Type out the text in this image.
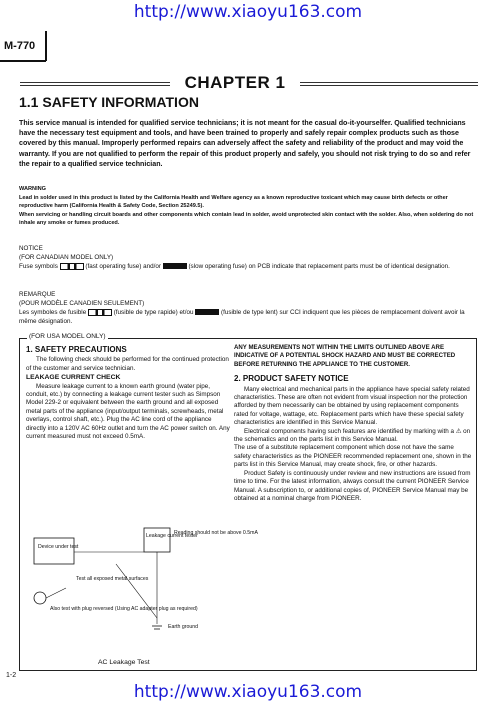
http://www.xiaoyu163.com
M-770
CHAPTER 1
1.1 SAFETY INFORMATION
This service manual is intended for qualified service technicians; it is not meant for the casual do-it-yourselfer. Qualified technicians have the necessary test equipment and tools, and have been trained to properly and safely repair complex products such as those covered by this manual. Improperly performed repairs can adversely affect the safety and reliability of the product and may void the warranty. If you are not qualified to perform the repair of this product properly and safely, you should not risk trying to do so and refer the repair to a qualified service technician.
WARNING
Lead in solder used in this product is listed by the California Health and Welfare agency as a known reproductive toxicant which may cause birth defects or other reproductive harm (California Health & Safety Code, Section 25249.5).
When servicing or handling circuit boards and other components which contain lead in solder, avoid unprotected skin contact with the solder. Also, when soldering do not inhale any smoke or fumes produced.
NOTICE
(FOR CANADIAN MODEL ONLY)
Fuse symbols	(fast operating fuse) and/or	(slow operating fuse) on PCB indicate that replacement parts must be of identical designation.
REMARQUE
(POUR MODÈLE CANADIEN SEULEMENT)
Les symboles de fusible	(fusible de type rapide) et/ou	(fusible de type lent) sur CCI indiquent que les pièces de remplacement doivent avoir la même désignation.
(FOR USA MODEL ONLY)
1. SAFETY PRECAUTIONS

The following check should be performed for the continued protection of the customer and service technician.

LEAKAGE CURRENT CHECK

Measure leakage current to a known earth ground (water pipe, conduit, etc.) by connecting a leakage current tester such as Simpson Model 229-2 or equivalent between the earth ground and all exposed metal parts of the appliance (input/output terminals, screwheads, metal overlays, control shaft, etc.). Plug the AC line cord of the appliance directly into a 120V AC 60Hz outlet and turn the AC power switch on. Any current measured must not exceed 0.5mA.

ANY MEASUREMENTS NOT WITHIN THE LIMITS OUTLINED ABOVE ARE INDICATIVE OF A POTENTIAL SHOCK HAZARD AND MUST BE CORRECTED BEFORE RETURNING THE APPLIANCE TO THE CUSTOMER.

2. PRODUCT SAFETY NOTICE

Many electrical and mechanical parts in the appliance have special safety related characteristics. These are often not evident from visual inspection nor the protection afforded by them necessarily can be obtained by using replacement components rated for voltage, wattage, etc. Replacement parts which have these special safety characteristics are identified in this Service Manual.

Electrical components having such features are identified by marking with a ⚠ on the schematics and on the parts list in this Service Manual.

The use of a substitute replacement component which dose not have the same safety characteristics as the PIONEER recommended replacement one, shown in the parts list in this Service Manual, may create shock, fire, or other hazards.

Product Safety is continuously under review and new instructions are issued from time to time. For the latest information, always consult the current PIONEER Service Manual. A subscription to, or additional copies of, PIONEER Service Manual may be obtained at a nominal charge from PIONEER.

Device under test
Leakage current tester
Reading should not be above 0.5mA
Test all exposed metal surfaces
Also test with plug reversed (Using AC adapter plug as required)
Earth ground
AC Leakage Test
1-2
http://www.xiaoyu163.com
